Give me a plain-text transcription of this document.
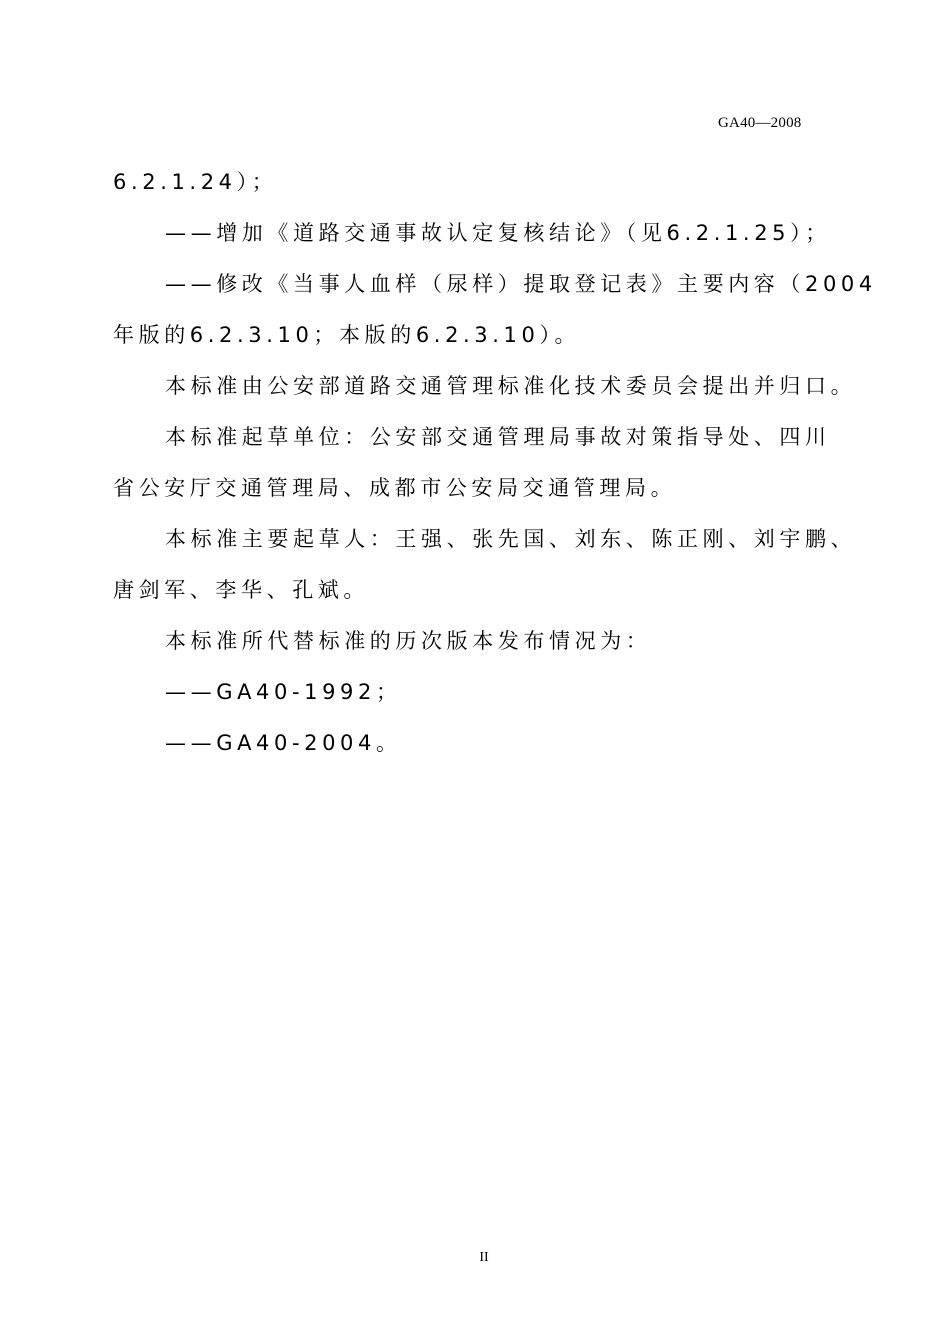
GA40—2008
6.2.1.24）；
——增加《道路交通事故认定复核结论》（见6.2.1.25）；
——修改《当事人血样（尿样）提取登记表》主要内容（2004
年版的6.2.3.10；本版的6.2.3.10）。
本标准由公安部道路交通管理标准化技术委员会提出并归口。
本标准起草单位：公安部交通管理局事故对策指导处、四川
省公安厅交通管理局、成都市公安局交通管理局。
本标准主要起草人：王强、张先国、刘东、陈正刚、刘宇鹏、
唐剑军、李华、孔斌。
本标准所代替标准的历次版本发布情况为：
——GA40-1992；
——GA40-2004。
II
